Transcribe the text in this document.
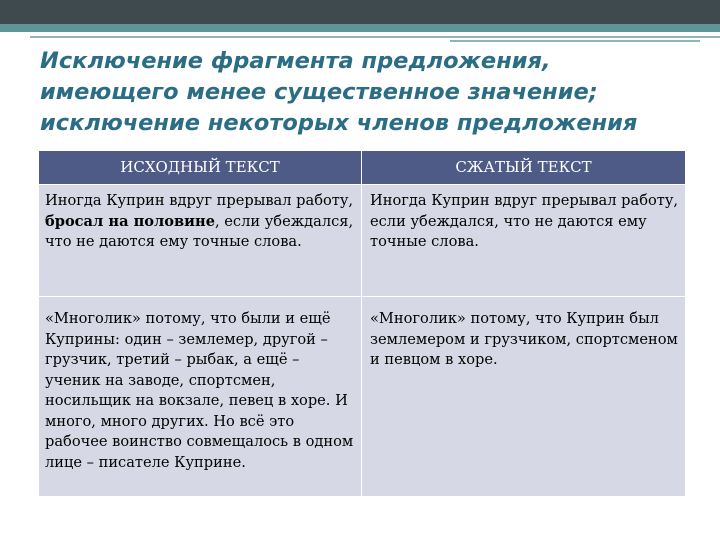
Исключение фрагмента предложения,
имеющего менее существенное значение;
исключение некоторых членов предложения
ИСХОДНЫЙ ТЕКСТ	СЖАТЫЙ ТЕКСТ
Иногда Куприн вдруг прерывал работу, бросал на половине, если убеждался, что не даются ему точные слова.	Иногда Куприн вдруг прерывал работу, если убеждался, что не даются ему точные слова.
«Многолик» потому, что были и ещё Куприны: один – землемер, другой – грузчик, третий – рыбак, а ещё – ученик на заводе, спортсмен, носильщик на вокзале, певец в хоре. И много, много других. Но всё это рабочее воинство совмещалось в одном лице – писателе Куприне.	«Многолик» потому, что Куприн был землемером и грузчиком, спортсменом и певцом в хоре.
